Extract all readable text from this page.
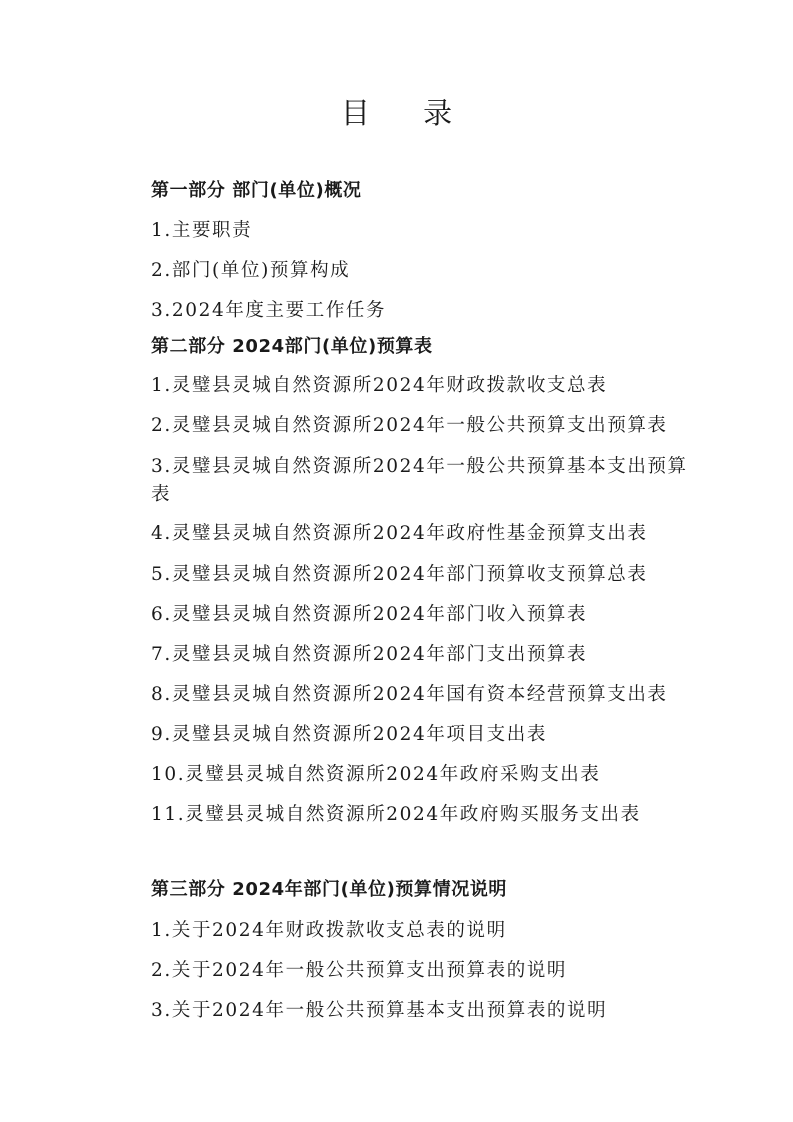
目 录
第一部分 部门(单位)概况
1.主要职责
2.部门(单位)预算构成
3.2024年度主要工作任务
第二部分 2024部门(单位)预算表
1.灵璧县灵城自然资源所2024年财政拨款收支总表
2.灵璧县灵城自然资源所2024年一般公共预算支出预算表
3.灵璧县灵城自然资源所2024年一般公共预算基本支出预算表
4.灵璧县灵城自然资源所2024年政府性基金预算支出表
5.灵璧县灵城自然资源所2024年部门预算收支预算总表
6.灵璧县灵城自然资源所2024年部门收入预算表
7.灵璧县灵城自然资源所2024年部门支出预算表
8.灵璧县灵城自然资源所2024年国有资本经营预算支出表
9.灵璧县灵城自然资源所2024年项目支出表
10.灵璧县灵城自然资源所2024年政府采购支出表
11.灵璧县灵城自然资源所2024年政府购买服务支出表
第三部分 2024年部门(单位)预算情况说明
1.关于2024年财政拨款收支总表的说明
2.关于2024年一般公共预算支出预算表的说明
3.关于2024年一般公共预算基本支出预算表的说明
